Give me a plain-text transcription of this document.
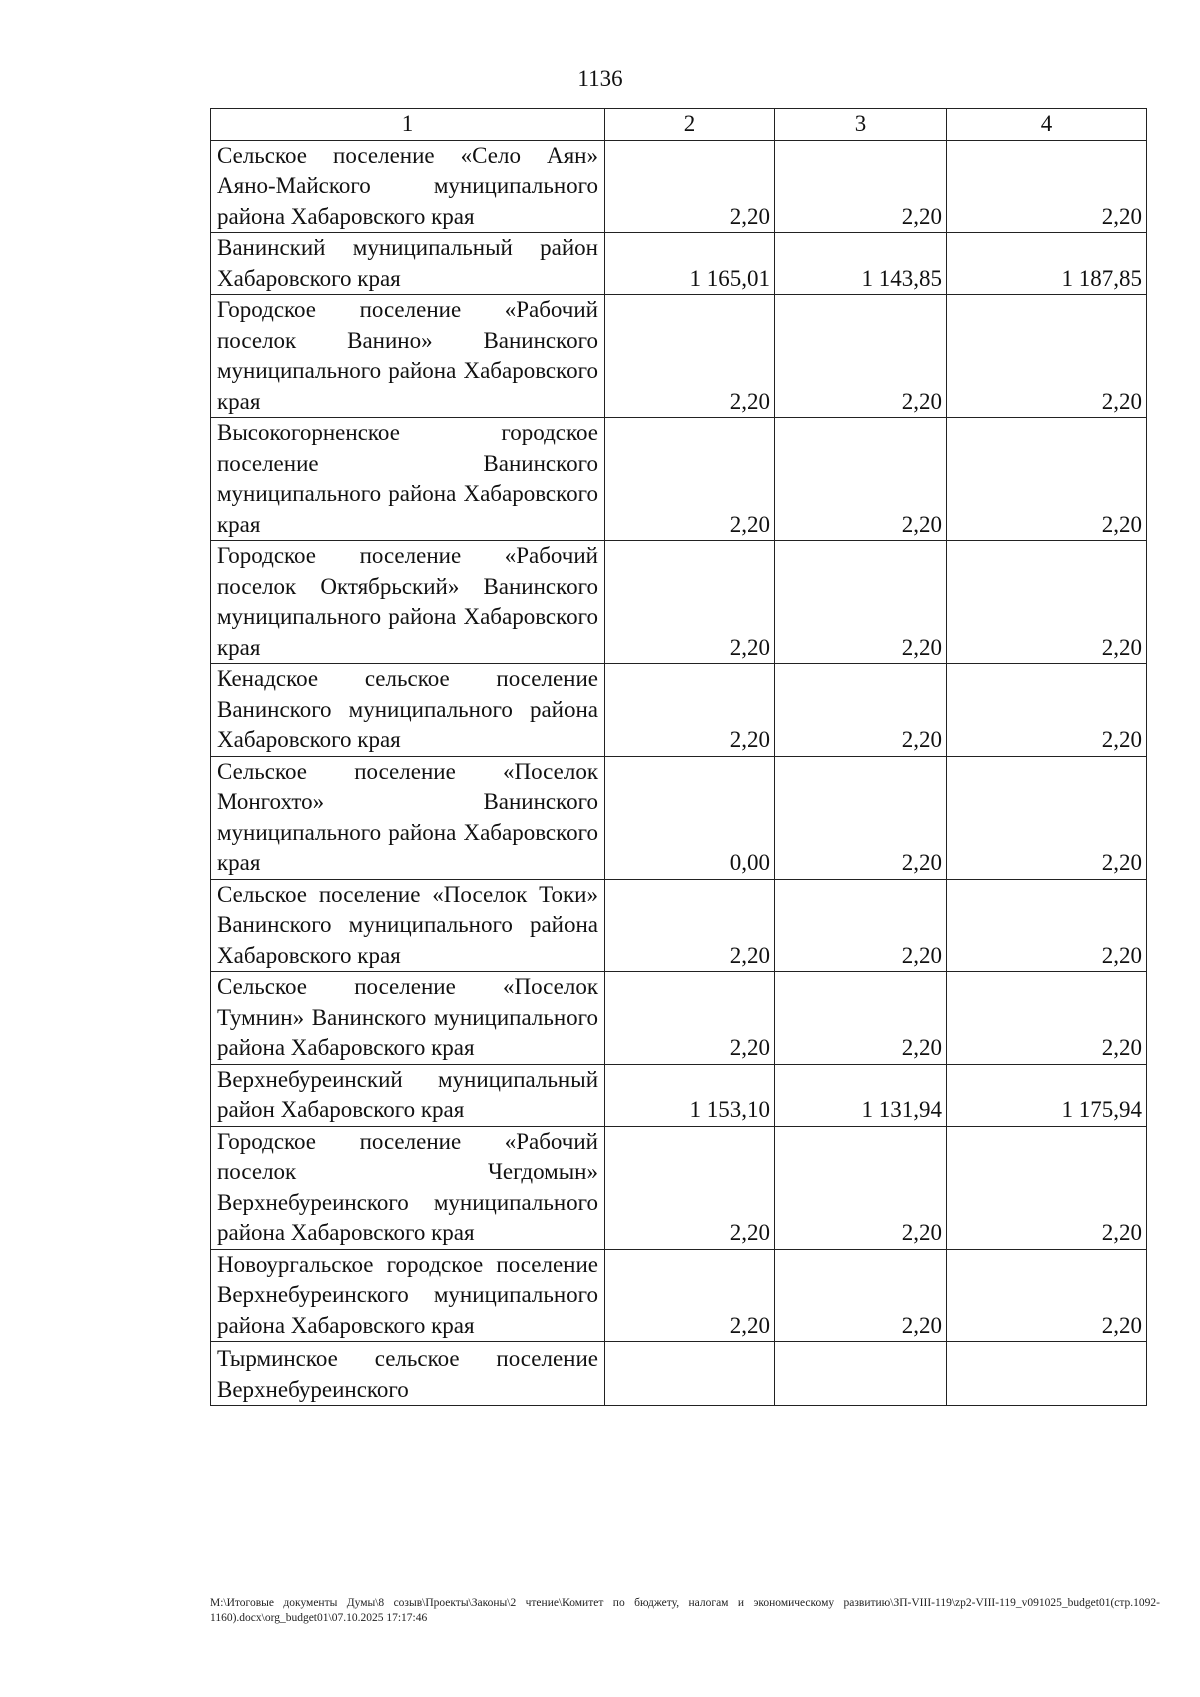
1136
1	2	3	4
Сельское поселение «Село Аян» Аяно-Майского муниципального района Хабаровского края	2,20	2,20	2,20
Ванинский муниципальный район Хабаровского края	1 165,01	1 143,85	1 187,85
Городское поселение «Рабочий поселок Ванино» Ванинского муниципального района Хабаровского края	2,20	2,20	2,20
Высокогорненское городское поселение Ванинского муниципального района Хабаровского края	2,20	2,20	2,20
Городское поселение «Рабочий поселок Октябрьский» Ванинского муниципального района Хабаровского края	2,20	2,20	2,20
Кенадское сельское поселение Ванинского муниципального района Хабаровского края	2,20	2,20	2,20
Сельское поселение «Поселок Монгохто» Ванинского муниципального района Хабаровского края	0,00	2,20	2,20
Сельское поселение «Поселок Токи» Ванинского муниципального района Хабаровского края	2,20	2,20	2,20
Сельское поселение «Поселок Тумнин» Ванинского муниципального района Хабаровского края	2,20	2,20	2,20
Верхнебуреинский муниципальный район Хабаровского края	1 153,10	1 131,94	1 175,94
Городское поселение «Рабочий поселок Чегдомын» Верхнебуреинского муниципального района Хабаровского края	2,20	2,20	2,20
Новоургальское городское поселение Верхнебуреинского муниципального района Хабаровского края	2,20	2,20	2,20
Тырминское сельское поселение Верхнебуреинского			
M:\Итоговые документы Думы\8 созыв\Проекты\Законы\2 чтение\Комитет по бюджету, налогам и экономическому развитию\ЗП-VIII-119\zp2-VIII-119_v091025_budget01(стр.1092-1160).docx\org_budget01\07.10.2025 17:17:46
